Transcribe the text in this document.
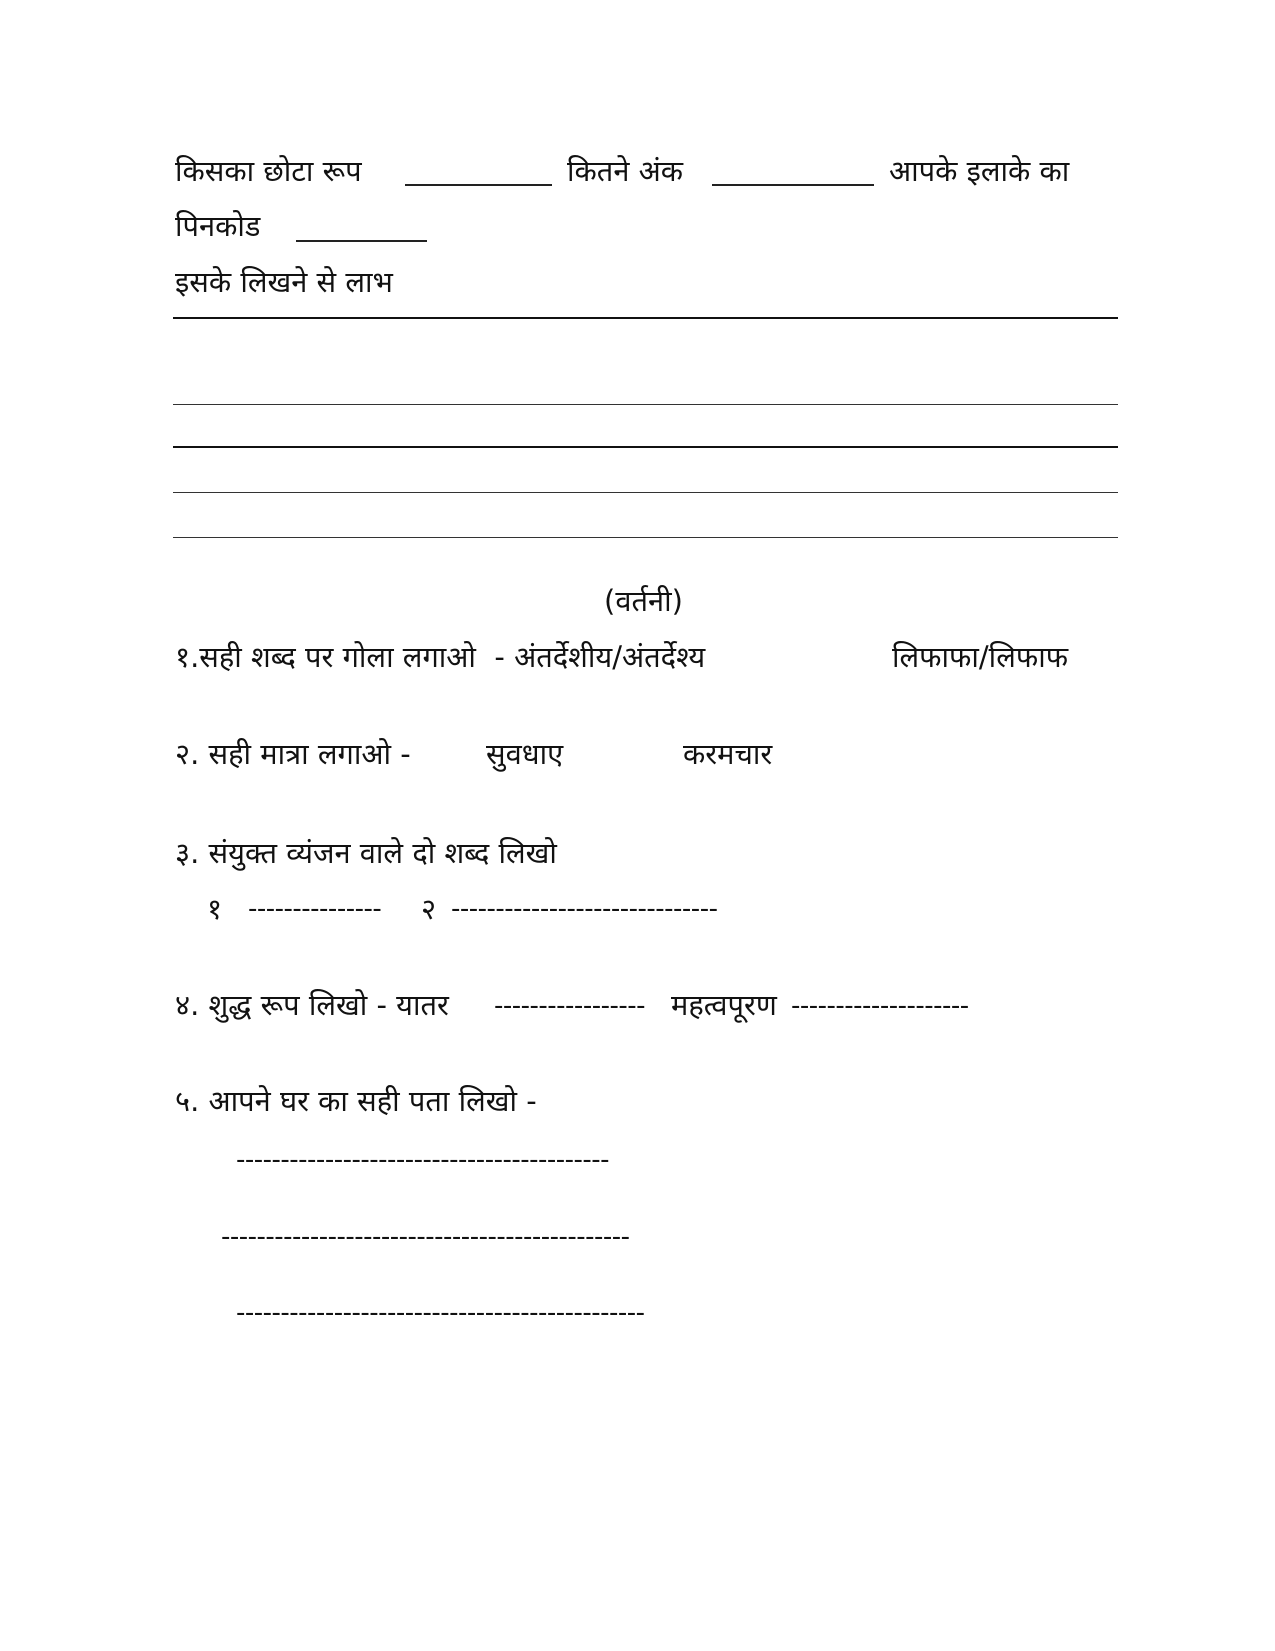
किसका छोटा रूप	कितने अंक	आपके इलाके का
पिनकोड
इसके लिखने से लाभ
(वर्तनी)
१.सही शब्द पर गोला लगाओ  - अंतर्देशीय/अंतर्देश्य	लिफाफा/लिफाफ
२. सही मात्रा लगाओ -	सुवधाए	करमचार
३. संयुक्त व्यंजन वाले दो शब्द लिखो
१ --------------- २ ------------------------------
४. शुद्ध रूप लिखो - यातर ----------------- महत्वपूरण --------------------
५. आपने घर का सही पता लिखो -
------------------------------------------
----------------------------------------------
----------------------------------------------
